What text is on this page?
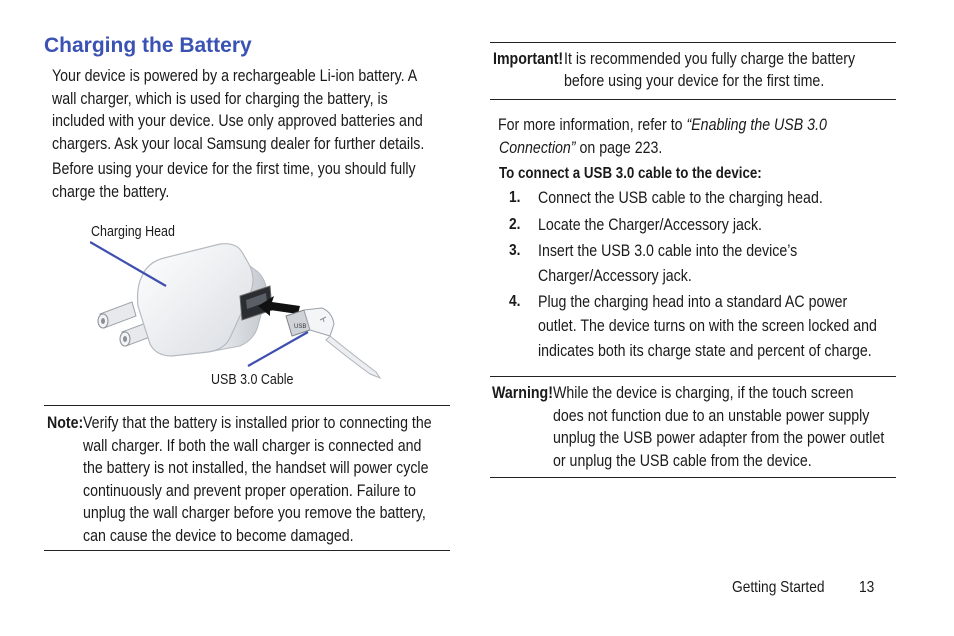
Charging the Battery
Your device is powered by a rechargeable Li-ion battery. A
wall charger, which is used for charging the battery, is
included with your device. Use only approved batteries and
chargers. Ask your local Samsung dealer for further details.
Before using your device for the first time, you should fully
charge the battery.
Charging Head
USB 3.0 Cable
USB
Note: Verify that the battery is installed prior to connecting the
wall charger. If both the wall charger is connected and
the battery is not installed, the handset will power cycle
continuously and prevent proper operation. Failure to
unplug the wall charger before you remove the battery,
can cause the device to become damaged.
Important! It is recommended you fully charge the battery
before using your device for the first time.
For more information, refer to “Enabling the USB 3.0
Connection” on page 223.
To connect a USB 3.0 cable to the device:
1. Connect the USB cable to the charging head.
2. Locate the Charger/Accessory jack.
3. Insert the USB 3.0 cable into the device’s
Charger/Accessory jack.
4. Plug the charging head into a standard AC power
outlet. The device turns on with the screen locked and
indicates both its charge state and percent of charge.
Warning! While the device is charging, if the touch screen
does not function due to an unstable power supply
unplug the USB power adapter from the power outlet
or unplug the USB cable from the device.
Getting Started	13
